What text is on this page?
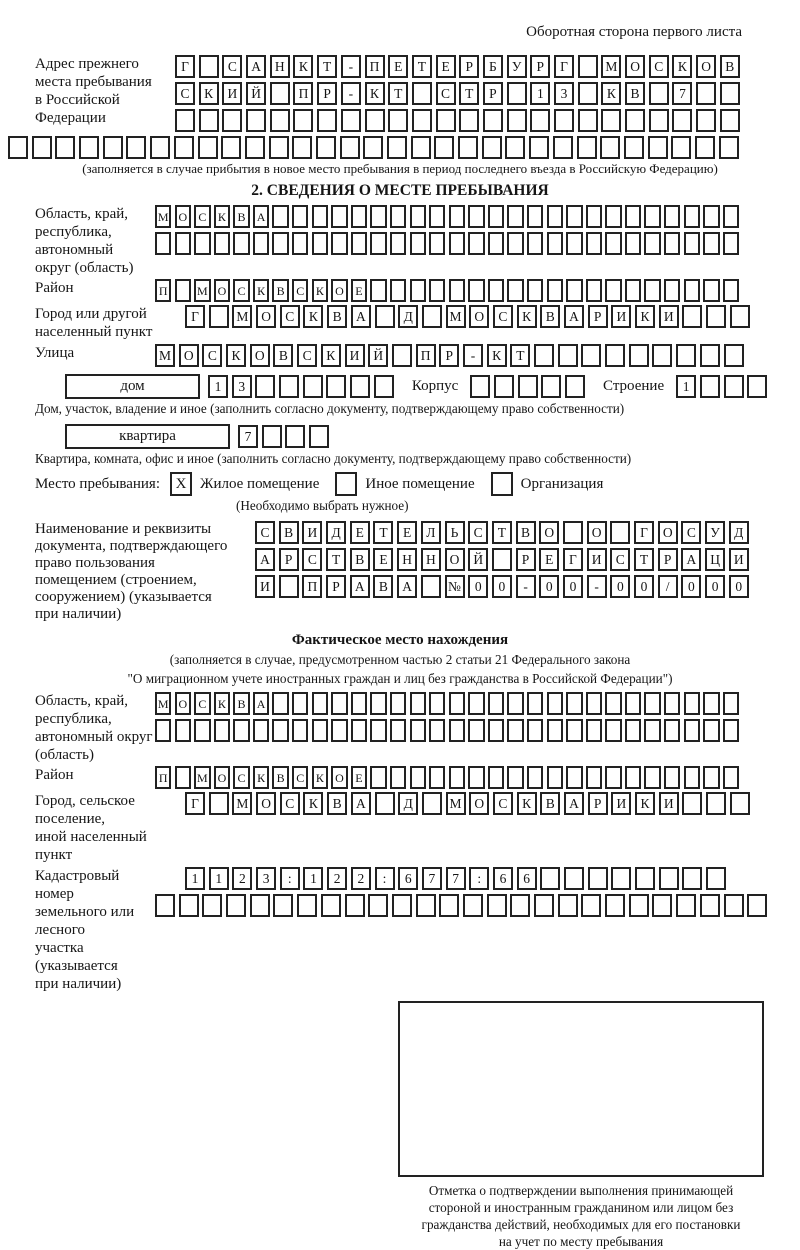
Оборотная сторона первого листа
Адрес прежнего
места пребывания
в Российской
Федерации
Г	С	А	Н	К	Т	-	П	Е	Т	Е	Р	Б	У	Р	Г	М О	С	К	О	В
С	К	И	Й	П	Р	-	К	Т	С	Т	Р	1	3	К	В	7
(заполняется в случае прибытия в новое место пребывания в период последнего въезда в Российскую Федерацию)
2. СВЕДЕНИЯ О МЕСТЕ ПРЕБЫВАНИЯ
Область, край,
республика,
автономный
округ (область)
М О С К В А
Район	П	М О С К В С К О Е
Город или другой
населенный пункт
Г	М О	С	К	В	А	Д	М О	С	К	В	А	Р	И	К	И
Улица	М О	С	К	О	В	С	К	И	Й	П	Р	-	К	Т
дом	1	3	Корпус	Строение	1
Дом, участок, владение и иное (заполнить согласно документу, подтверждающему право собственности)
квартира	7
Квартира, комната, офис и иное (заполнить согласно документу, подтверждающему право собственности)
Место пребывания:	X Жилое помещение	Иное помещение	Организация
(Необходимо выбрать нужное)
Наименование и реквизиты
документа, подтверждающего
право пользования
помещением (строением,
сооружением) (указывается
при наличии)
С	В	И	Д	Е	Т	Е	Л	Ь	С	Т	В	О	О	Г	О	С	У	Д
А	Р	С	Т	В	Е	Н	Н	О	Й	Р	Е	Г	И	С	Т	Р	А	Ц	И
И	П	Р	А	В	А	№	0	0	-	0	0	-	0	0	/	0	0	0
Фактическое место нахождения
(заполняется в случае, предусмотренном частью 2 статьи 21 Федерального закона
"О миграционном учете иностранных граждан и лиц без гражданства в Российской Федерации")
Область, край,
республика,
автономный округ
(область)
М О С К В А
Район	П	М О С К В С К О Е
Город, сельское поселение,
иной населенный пункт
Г	М О	С	К	В	А	Д	М О	С	К	В	А	Р	И	К	И
Кадастровый номер
земельного или лесного
участка (указывается
при наличии)
1	1	2	3	:	1	2	2	:	6	7	7	:	6	6
Отметка о подтверждении выполнения принимающей
стороной и иностранным гражданином или лицом без
гражданства действий, необходимых для его постановки
на учет по месту пребывания
